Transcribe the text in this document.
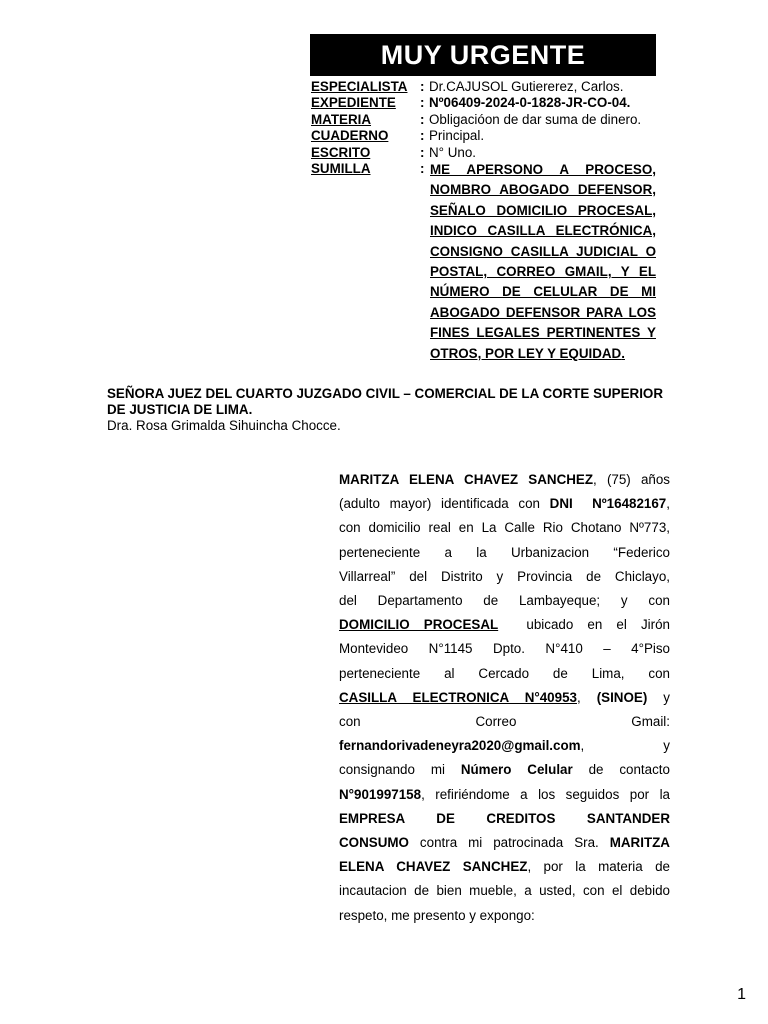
MUY URGENTE
ESPECIALISTA : Dr.CAJUSOL Gutiererez, Carlos.
EXPEDIENTE	: Nº06409-2024-0-1828-JR-CO-04.
MATERIA	: Obligacióon de dar suma de dinero.
CUADERNO	: Principal.
ESCRITO	: N° Uno.
SUMILLA	: ME APERSONO A PROCESO,
NOMBRO ABOGADO DEFENSOR,
SEÑALO DOMICILIO PROCESAL,
INDICO CASILLA ELECTRÓNICA,
CONSIGNO CASILLA JUDICIAL O
POSTAL, CORREO GMAIL, Y EL
NÚMERO DE CELULAR DE MI
ABOGADO DEFENSOR PARA LOS
FINES LEGALES PERTINENTES Y
OTROS, POR LEY Y EQUIDAD.
SEÑORA JUEZ DEL CUARTO JUZGADO CIVIL – COMERCIAL DE LA CORTE SUPERIOR DE JUSTICIA DE LIMA.
Dra. Rosa Grimalda Sihuincha Chocce.
MARITZA ELENA CHAVEZ SANCHEZ, (75) años
(adulto mayor) identificada con DNI Nº16482167,
con domicilio real en La Calle Rio Chotano Nº773,
perteneciente a la Urbanizacion “Federico
Villarreal” del Distrito y Provincia de Chiclayo,
del Departamento de Lambayeque; y con
DOMICILIO PROCESAL ubicado en el Jirón
Montevideo N°1145 Dpto. N°410 – 4°Piso
perteneciente al Cercado de Lima, con
CASILLA ELECTRONICA N°40953, (SINOE) y
con Correo Gmail:
fernandorivadeneyra2020@gmail.com, y
consignando mi Número Celular de contacto
N°901997158, refiriéndome a los seguidos por la
EMPRESA DE CREDITOS SANTANDER
CONSUMO contra mi patrocinada Sra. MARITZA
ELENA CHAVEZ SANCHEZ, por la materia de
incautacion de bien mueble, a usted, con el debido
respeto, me presento y expongo:
1
